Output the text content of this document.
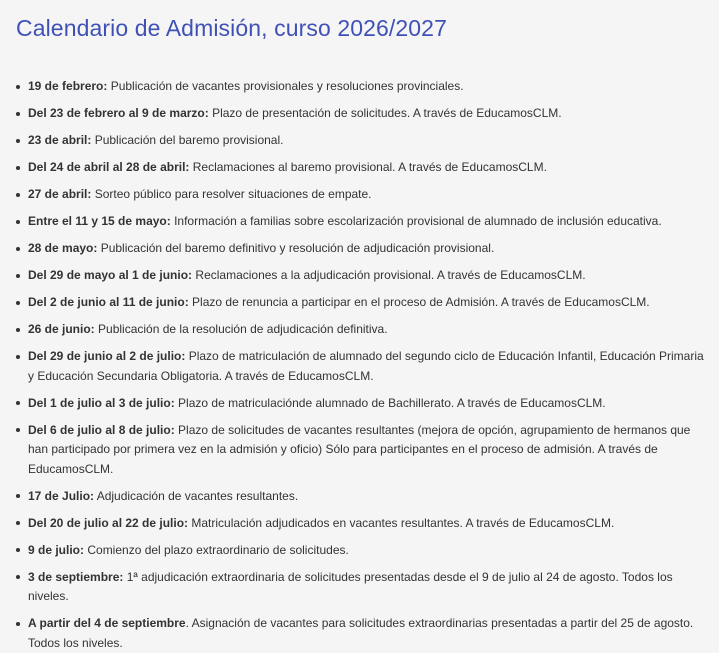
Calendario de Admisión, curso 2026/2027
19 de febrero: Publicación de vacantes provisionales y resoluciones provinciales.
Del 23 de febrero al 9 de marzo: Plazo de presentación de solicitudes. A través de EducamosCLM.
23 de abril: Publicación del baremo provisional.
Del 24 de abril al 28 de abril: Reclamaciones al baremo provisional. A través de EducamosCLM.
27 de abril: Sorteo público para resolver situaciones de empate.
Entre el 11 y 15 de mayo: Información a familias sobre escolarización provisional de alumnado de inclusión educativa.
28 de mayo: Publicación del baremo definitivo y resolución de adjudicación provisional.
Del 29 de mayo al 1 de junio: Reclamaciones a la adjudicación provisional. A través de EducamosCLM.
Del 2 de junio al 11 de junio: Plazo de renuncia a participar en el proceso de Admisión. A través de EducamosCLM.
26 de junio: Publicación de la resolución de adjudicación definitiva.
Del 29 de junio al 2 de julio: Plazo de matriculación de alumnado del segundo ciclo de Educación Infantil, Educación Primaria y Educación Secundaria Obligatoria. A través de EducamosCLM.
Del 1 de julio al 3 de julio: Plazo de matriculaciónde alumnado de Bachillerato. A través de EducamosCLM.
Del 6 de julio al 8 de julio: Plazo de solicitudes de vacantes resultantes (mejora de opción, agrupamiento de hermanos que han participado por primera vez en la admisión y oficio) Sólo para participantes en el proceso de admisión. A través de EducamosCLM.
17 de Julio: Adjudicación de vacantes resultantes.
Del 20 de julio al 22 de julio: Matriculación adjudicados en vacantes resultantes. A través de EducamosCLM.
9 de julio: Comienzo del plazo extraordinario de solicitudes.
3 de septiembre: 1ª adjudicación extraordinaria de solicitudes presentadas desde el 9 de julio al 24 de agosto. Todos los niveles.
A partir del 4 de septiembre. Asignación de vacantes para solicitudes extraordinarias presentadas a partir del 25 de agosto. Todos los niveles.
